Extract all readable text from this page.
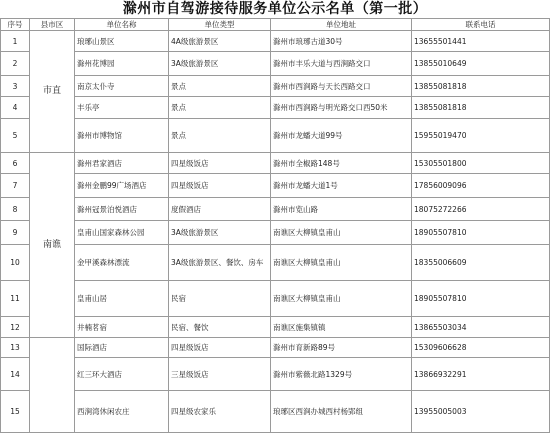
滁州市自驾游接待服务单位公示名单（第一批）
序号	县市区	单位名称	单位类型	单位地址	联系电话
1	市直	琅琊山景区	4A级旅游景区	滁州市琅琊古道30号	13655501441
2		滁州花博园	3A级旅游景区	滁州市丰乐大道与西涧路交口	13855010649
3		南京太仆寺	景点	滁州市西涧路与天长西路交口	13855081818
4		丰乐亭	景点	滁州市西涧路与明光路交口西50米	13855081818
5		滁州市博物馆	景点	滁州市龙蟠大道99号	15955019470
6	南谯	滁州君家酒店	四星级饭店	滁州市全椒路148号	15305501800
7		滁州金鹏99广场酒店	四星级饭店	滁州市龙蟠大道1号	17856009096
8		滁州冠景泊悦酒店	度假酒店	滁州市览山路	18075272266
9		皇甫山国家森林公园	3A级旅游景区	南谯区大柳镇皇甫山	18905507810
10		金甲溪森林漂流	3A级旅游景区、餐饮、房车	南谯区大柳镇皇甫山	18355006609
11		皇甫山居	民宿	南谯区大柳镇皇甫山	18905507810
12		井楠茗宿	民宿、餐饮	南谯区施集镇镇	13865503034
13		国际酒店	四星级饭店	滁州市育新路89号	15309606628
14		红三环大酒店	三星级饭店	滁州市紫薇北路1329号	13866932291
15		西涧湾休闲农庄	四星级农家乐	琅琊区西涧办城西村杨郢组	13955005003
